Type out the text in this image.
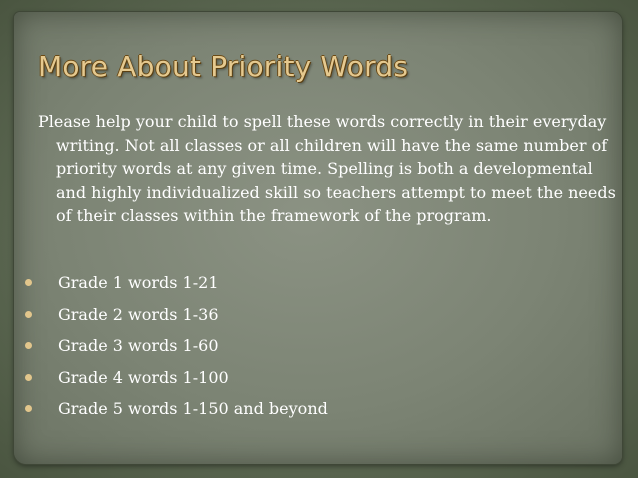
More About Priority Words

Please help your child to spell these words correctly in their everyday writing. Not all classes or all children will have the same number of priority words at any given time. Spelling is both a developmental and highly individualized skill so teachers attempt to meet the needs of their classes within the framework of the program.

Grade 1 words 1-21
Grade 2 words 1-36
Grade 3 words 1-60
Grade 4 words 1-100
Grade 5 words 1-150 and beyond
